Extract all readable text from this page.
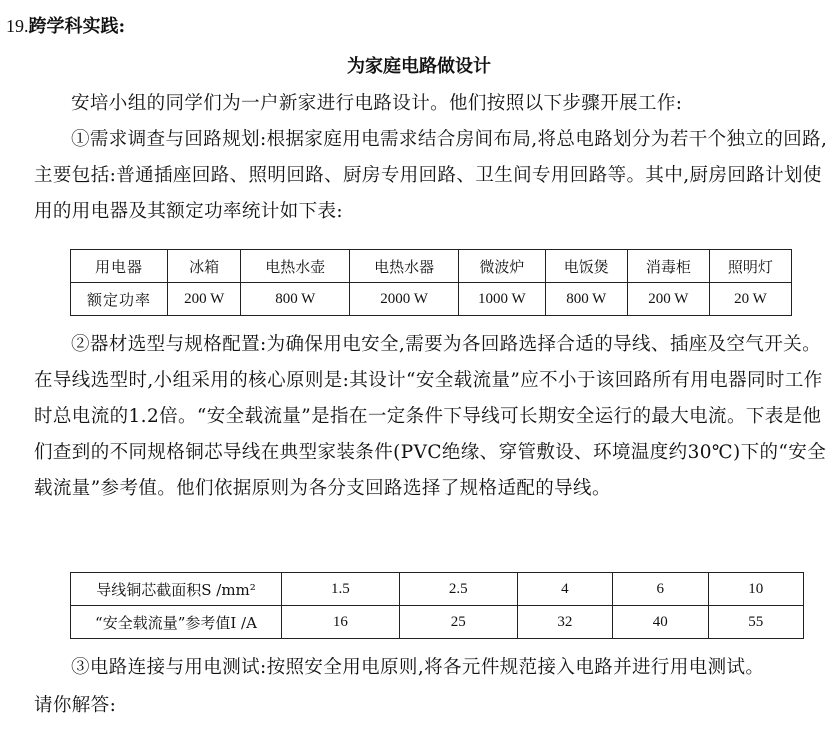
19.跨学科实践:
为家庭电路做设计

安培小组的同学们为一户新家进行电路设计。他们按照以下步骤开展工作:

①需求调查与回路规划:根据家庭用电需求结合房间布局,将总电路划分为若干个独立的回路,主要包括:普通插座回路、照明回路、厨房专用回路、卫生间专用回路等。其中,厨房回路计划使用的用电器及其额定功率统计如下表:

用电器	冰箱	电热水壶	电热水器	微波炉	电饭煲	消毒柜	照明灯
额定功率	200 W	800 W	2000 W	1000 W	800 W	200 W	20 W

②器材选型与规格配置:为确保用电安全,需要为各回路选择合适的导线、插座及空气开关。在导线选型时,小组采用的核心原则是:其设计“安全载流量”应不小于该回路所有用电器同时工作时总电流的1.2倍。“安全载流量”是指在一定条件下导线可长期安全运行的最大电流。下表是他们查到的不同规格铜芯导线在典型家装条件(PVC绝缘、穿管敷设、环境温度约30℃)下的“安全载流量”参考值。他们依据原则为各分支回路选择了规格适配的导线。

导线铜芯截面积S /mm²	1.5	2.5	4	6	10
“安全载流量”参考值I /A	16	25	32	40	55

③电路连接与用电测试:按照安全用电原则,将各元件规范接入电路并进行用电测试。

请你解答:
